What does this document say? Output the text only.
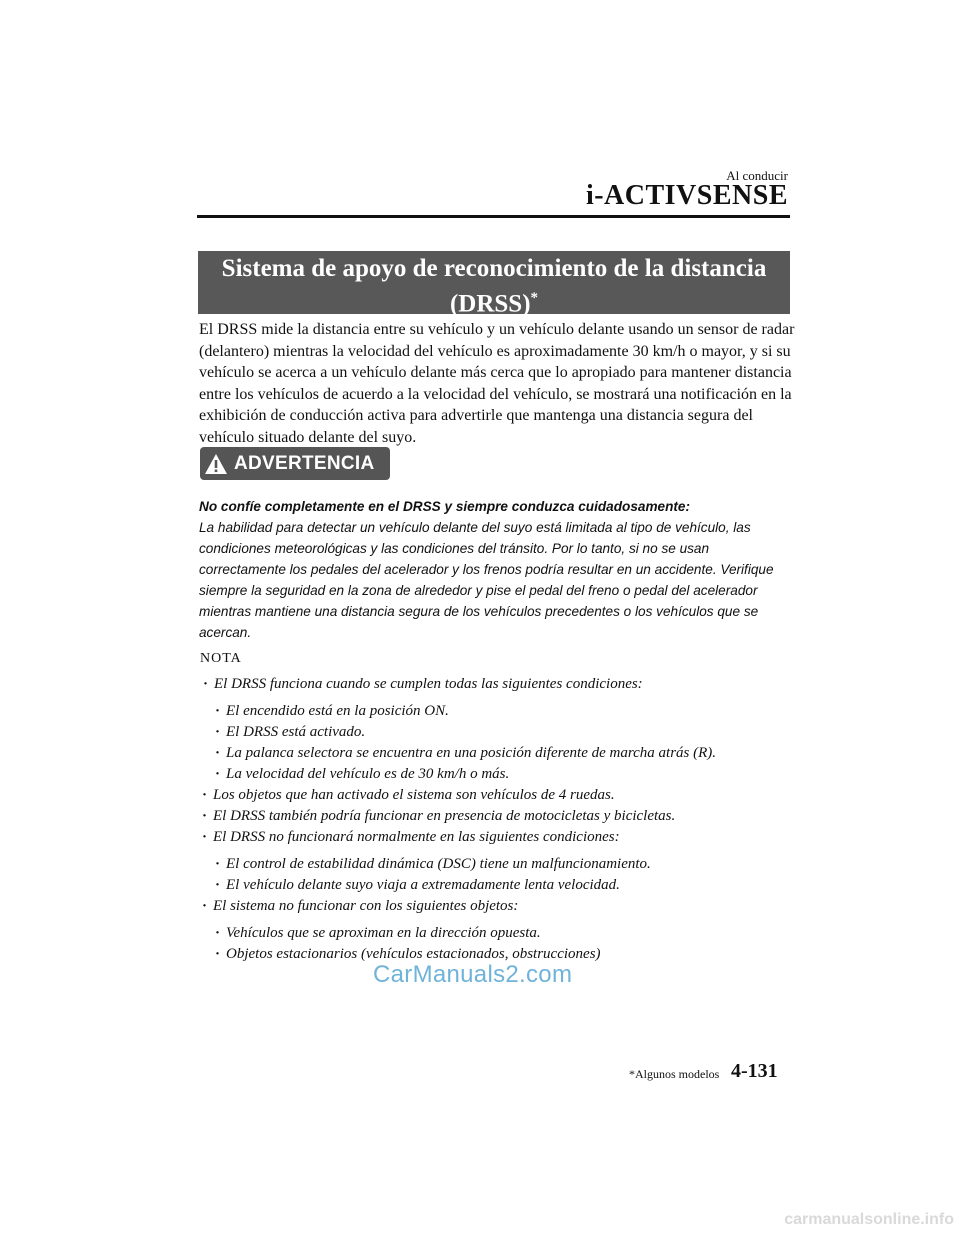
Al conducir
i-ACTIVSENSE
Sistema de apoyo de reconocimiento de la distancia
(DRSS)*
El DRSS mide la distancia entre su vehículo y un vehículo delante usando un sensor de radar (delantero) mientras la velocidad del vehículo es aproximadamente 30 km/h o mayor, y si su vehículo se acerca a un vehículo delante más cerca que lo apropiado para mantener distancia entre los vehículos de acuerdo a la velocidad del vehículo, se mostrará una notificación en la exhibición de conducción activa para advertirle que mantenga una distancia segura del vehículo situado delante del suyo.
ADVERTENCIA
No confíe completamente en el DRSS y siempre conduzca cuidadosamente:
La habilidad para detectar un vehículo delante del suyo está limitada al tipo de vehículo, las condiciones meteorológicas y las condiciones del tránsito. Por lo tanto, si no se usan correctamente los pedales del acelerador y los frenos podría resultar en un accidente. Verifique siempre la seguridad en la zona de alrededor y pise el pedal del freno o pedal del acelerador mientras mantiene una distancia segura de los vehículos precedentes o los vehículos que se acercan.
NOTA
· El DRSS funciona cuando se cumplen todas las siguientes condiciones:
· El encendido está en la posición ON.
· El DRSS está activado.
· La palanca selectora se encuentra en una posición diferente de marcha atrás (R).
· La velocidad del vehículo es de 30 km/h o más.
· Los objetos que han activado el sistema son vehículos de 4 ruedas.
· El DRSS también podría funcionar en presencia de motocicletas y bicicletas.
· El DRSS no funcionará normalmente en las siguientes condiciones:
· El control de estabilidad dinámica (DSC) tiene un malfuncionamiento.
· El vehículo delante suyo viaja a extremadamente lenta velocidad.
· El sistema no funcionar con los siguientes objetos:
· Vehículos que se aproximan en la dirección opuesta.
· Objetos estacionarios (vehículos estacionados, obstrucciones)
CarManuals2.com
*Algunos modelos 4-131
carmanualsonline.info
